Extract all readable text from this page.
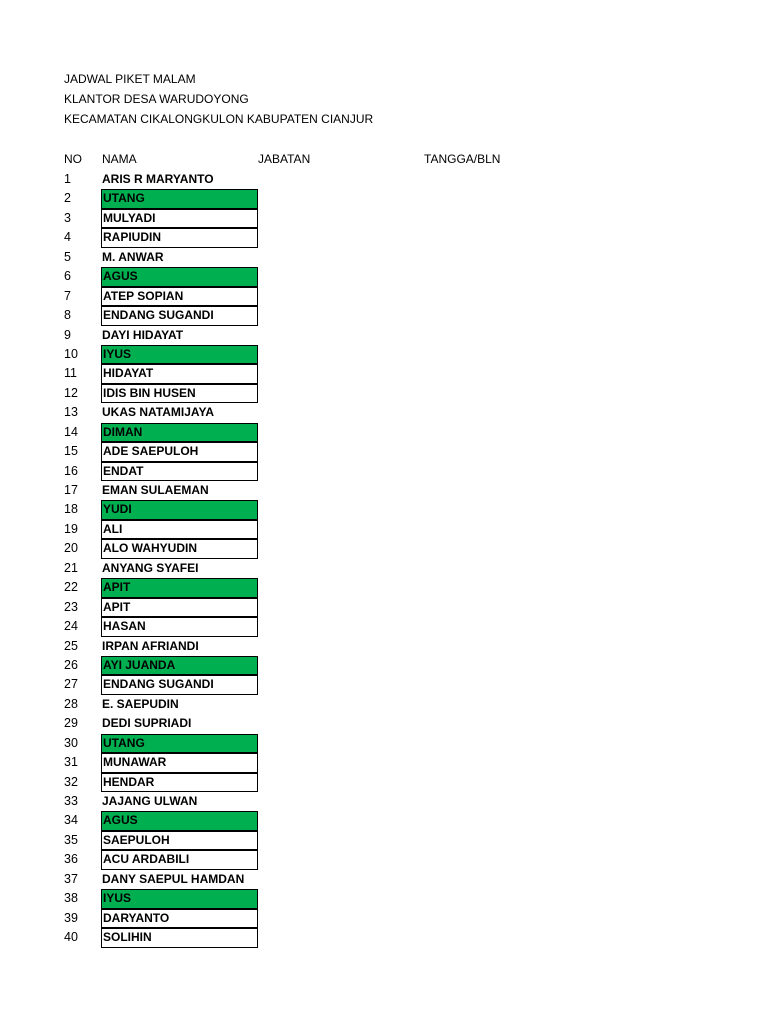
JADWAL PIKET MALAM
KLANTOR DESA WARUDOYONG
KECAMATAN CIKALONGKULON KABUPATEN CIANJUR
NO NAMA	JABATAN	TANGGA/BLN
1	ARIS R MARYANTO
2	UTANG
3	MULYADI
4	RAPIUDIN
5	M. ANWAR
6	AGUS
7	ATEP SOPIAN
8	ENDANG SUGANDI
9	DAYI HIDAYAT
10 IYUS
11 HIDAYAT
12 IDIS BIN HUSEN
13 UKAS NATAMIJAYA
14 DIMAN
15 ADE SAEPULOH
16 ENDAT
17 EMAN SULAEMAN
18 YUDI
19 ALI
20 ALO WAHYUDIN
21 ANYANG SYAFEI
22 APIT
23 APIT
24 HASAN
25 IRPAN AFRIANDI
26 AYI JUANDA
27 ENDANG SUGANDI
28 E. SAEPUDIN
29 DEDI SUPRIADI
30 UTANG
31 MUNAWAR
32 HENDAR
33 JAJANG ULWAN
34 AGUS
35 SAEPULOH
36 ACU ARDABILI
37 DANY SAEPUL HAMDAN
38 IYUS
39 DARYANTO
40 SOLIHIN
